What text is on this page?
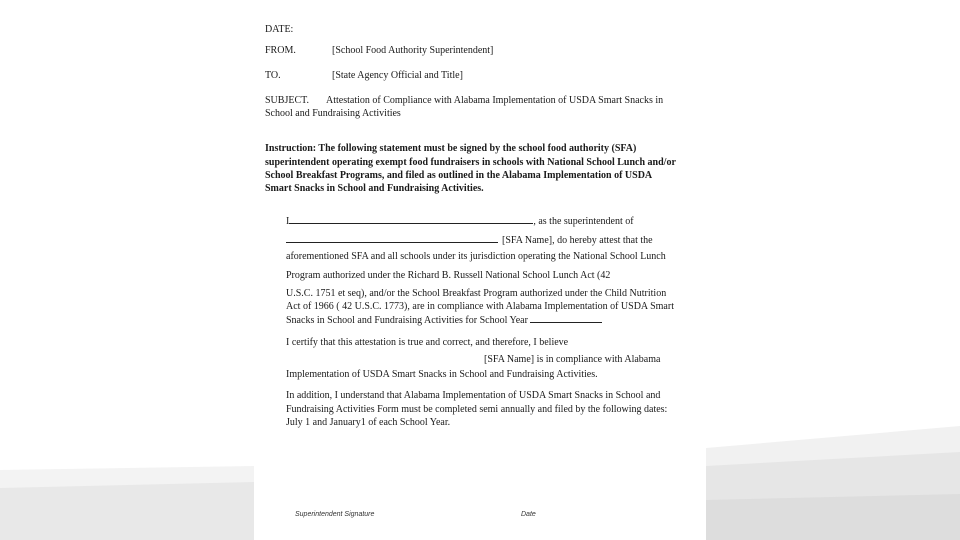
DATE:
FROM.	[School Food Authority Superintendent]
TO.	[State Agency Official and Title]
SUBJECT. Attestation of Compliance with Alabama Implementation of USDA Smart Snacks in
School and Fundraising Activities
Instruction: The following statement must be signed by the school food authority (SFA)
superintendent operating exempt food fundraisers in schools with National School Lunch and/or
School Breakfast Programs, and filed as outlined in the Alabama Implementation of USDA
Smart Snacks in School and Fundraising Activities.
I	, as the superintendent of
[SFA Name], do hereby attest that the
aforementioned SFA and all schools under its jurisdiction operating the National School Lunch
Program authorized under the Richard B. Russell National School Lunch Act (42
U.S.C. 1751 et seq), and/or the School Breakfast Program authorized under the Child Nutrition
Act of 1966 ( 42 U.S.C. 1773), are in compliance with Alabama Implementation of USDA Smart
Snacks in School and Fundraising Activities for School Year
I certify that this attestation is true and correct, and therefore, I believe
[SFA Name] is in compliance with Alabama
Implementation of USDA Smart Snacks in School and Fundraising Activities.
In addition, I understand that Alabama Implementation of USDA Smart Snacks in School and
Fundraising Activities Form must be completed semi annually and filed by the following dates:
July 1 and January1 of each School Year.
Superintendent Signature	Date
